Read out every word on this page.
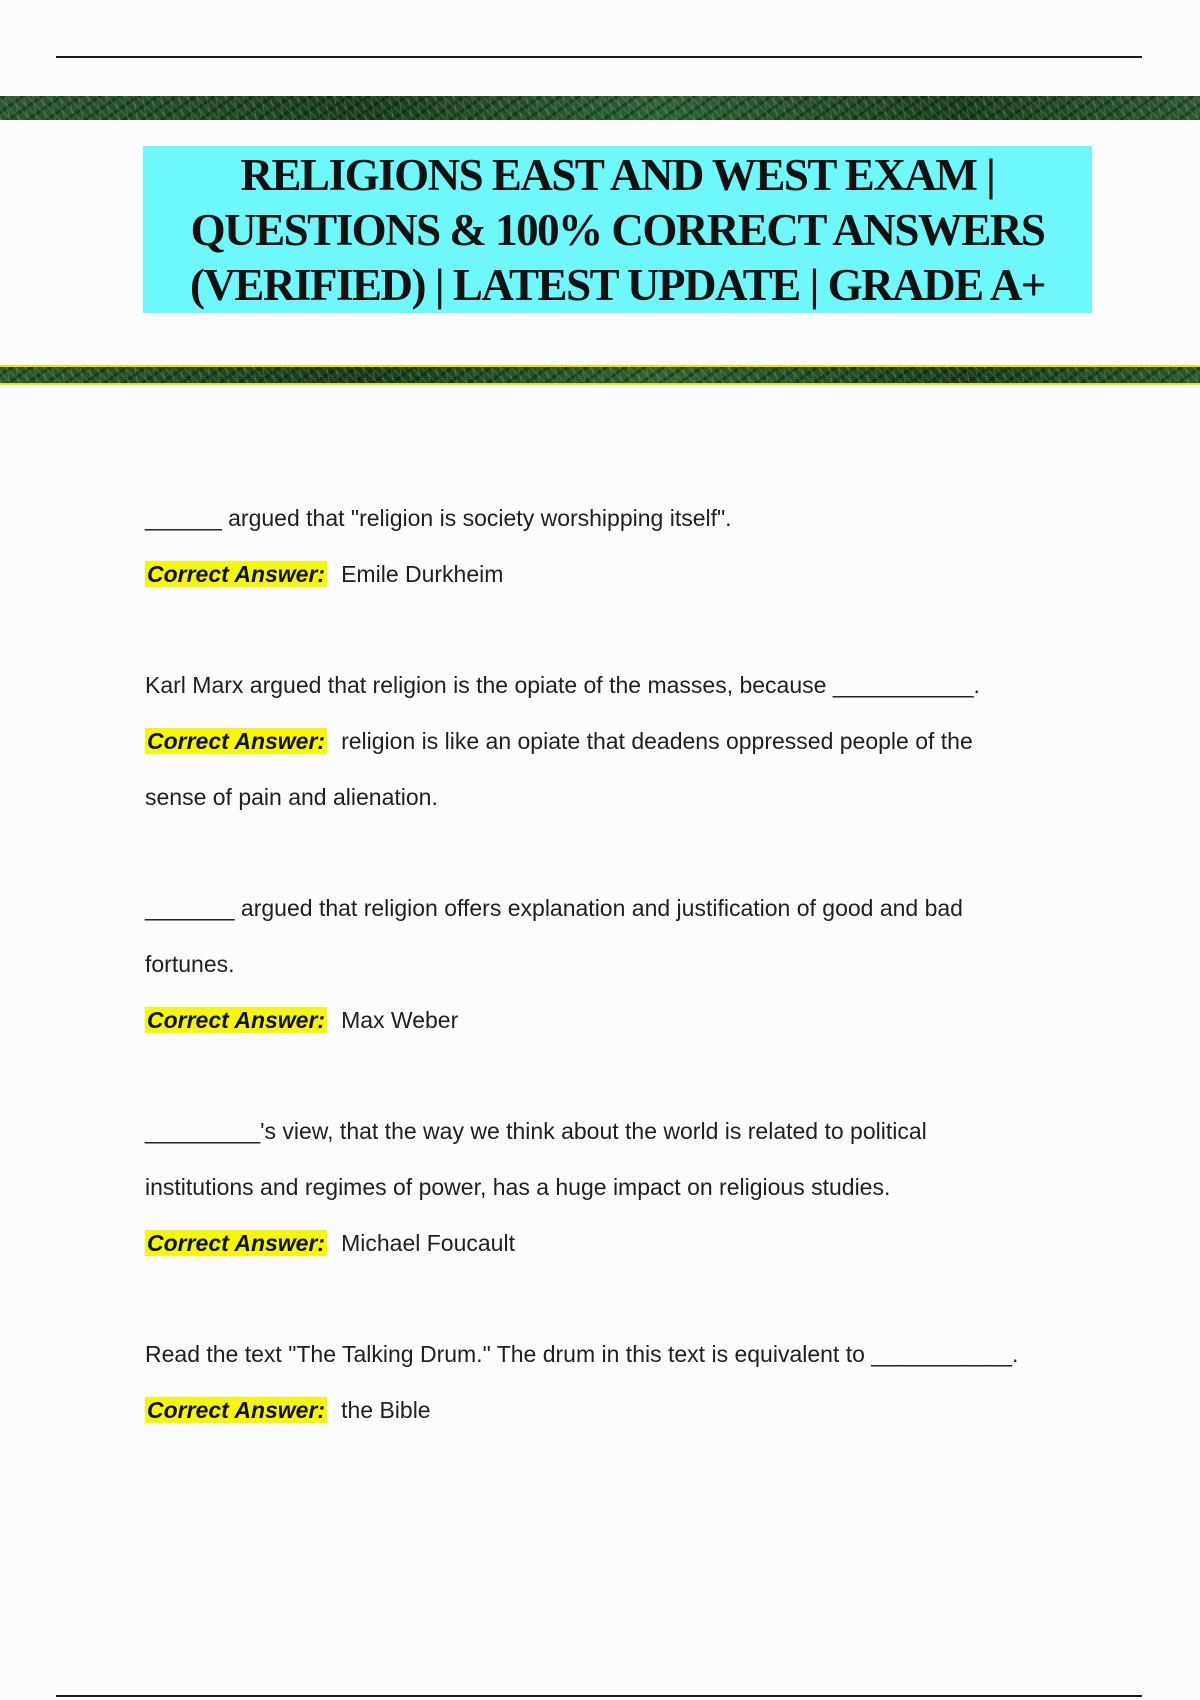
RELIGIONS EAST AND WEST EXAM |
QUESTIONS & 100% CORRECT ANSWERS
(VERIFIED) | LATEST UPDATE | GRADE A+
______ argued that "religion is society worshipping itself".
Correct Answer: Emile Durkheim
Karl Marx argued that religion is the opiate of the masses, because ___________.
Correct Answer: religion is like an opiate that deadens oppressed people of the
sense of pain and alienation.
_______ argued that religion offers explanation and justification of good and bad
fortunes.
Correct Answer: Max Weber
_________'s view, that the way we think about the world is related to political
institutions and regimes of power, has a huge impact on religious studies.
Correct Answer: Michael Foucault
Read the text "The Talking Drum." The drum in this text is equivalent to ___________.
Correct Answer: the Bible
